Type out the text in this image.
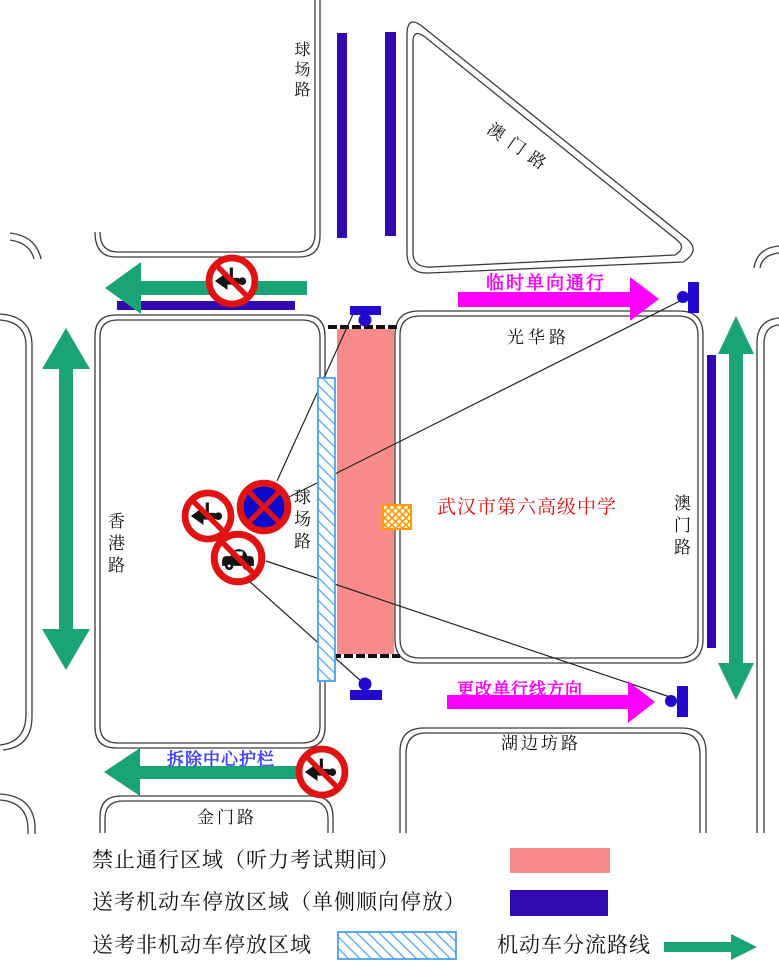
球场路
澳门路
光华路
香港路	球场路	澳门路
湖边坊路
金门路
武汉市第六高级中学
临时单向通行
更改单行线方向
拆除中心护栏
禁止通行区域（听力考试期间）
送考机动车停放区域（单侧顺向停放）
送考非机动车停放区域	机动车分流路线
